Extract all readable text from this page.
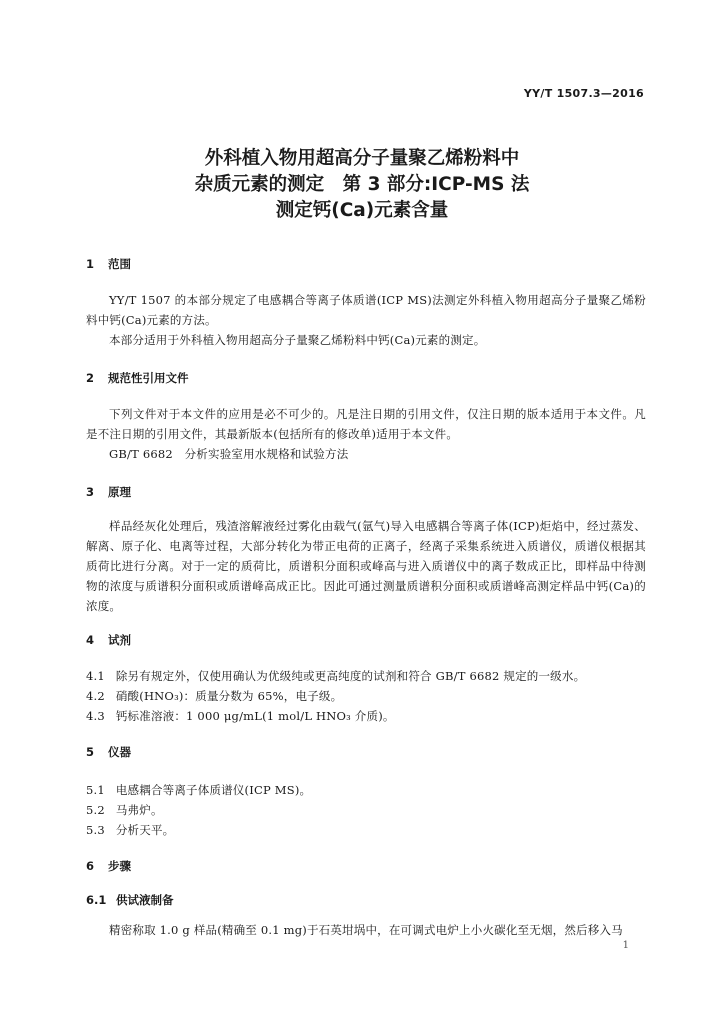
YY/T 1507.3—2016
外科植入物用超高分子量聚乙烯粉料中
杂质元素的测定　第 3 部分:ICP-MS 法
测定钙(Ca)元素含量
1 范围
YY/T 1507 的本部分规定了电感耦合等离子体质谱(ICP MS)法测定外科植入物用超高分子量聚乙烯粉料中钙(Ca)元素的方法。
本部分适用于外科植入物用超高分子量聚乙烯粉料中钙(Ca)元素的测定。
2 规范性引用文件
下列文件对于本文件的应用是必不可少的。凡是注日期的引用文件，仅注日期的版本适用于本文件。凡是不注日期的引用文件，其最新版本(包括所有的修改单)适用于本文件。
GB/T 6682　分析实验室用水规格和试验方法
3 原理
样品经灰化处理后，残渣溶解液经过雾化由载气(氩气)导入电感耦合等离子体(ICP)炬焰中，经过蒸发、解离、原子化、电离等过程，大部分转化为带正电荷的正离子，经离子采集系统进入质谱仪，质谱仪根据其质荷比进行分离。对于一定的质荷比，质谱积分面积或峰高与进入质谱仪中的离子数成正比，即样品中待测物的浓度与质谱积分面积或质谱峰高成正比。因此可通过测量质谱积分面积或质谱峰高测定样品中钙(Ca)的浓度。
4 试剂
4.1 除另有规定外，仅使用确认为优级纯或更高纯度的试剂和符合 GB/T 6682 规定的一级水。
4.2 硝酸(HNO₃)：质量分数为 65%，电子级。
4.3 钙标准溶液：1 000 μg/mL(1 mol/L HNO₃ 介质)。
5 仪器
5.1 电感耦合等离子体质谱仪(ICP MS)。
5.2 马弗炉。
5.3 分析天平。
6 步骤
6.1 供试液制备
精密称取 1.0 g 样品(精确至 0.1 mg)于石英坩埚中，在可调式电炉上小火碳化至无烟，然后移入马
1
